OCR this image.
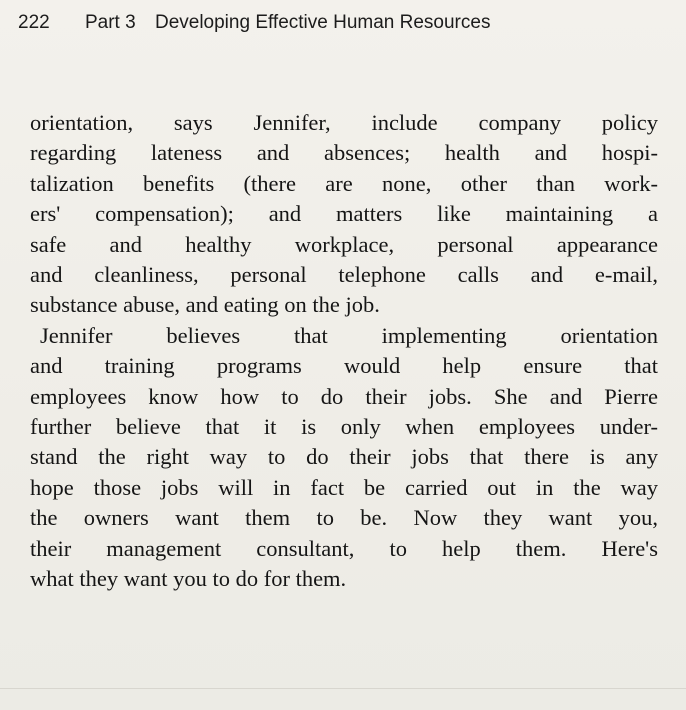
222 Part 3 Developing Effective Human Resources
orientation, says Jennifer, include company policy
regarding lateness and absences; health and hospi-
talization benefits (there are none, other than work-
ers' compensation); and matters like maintaining a
safe and healthy workplace, personal appearance
and cleanliness, personal telephone calls and e-mail,
substance abuse, and eating on the job.
Jennifer believes that implementing orientation
and training programs would help ensure that
employees know how to do their jobs. She and Pierre
further believe that it is only when employees under-
stand the right way to do their jobs that there is any
hope those jobs will in fact be carried out in the way
the owners want them to be. Now they want you,
their management consultant, to help them. Here's
what they want you to do for them.
